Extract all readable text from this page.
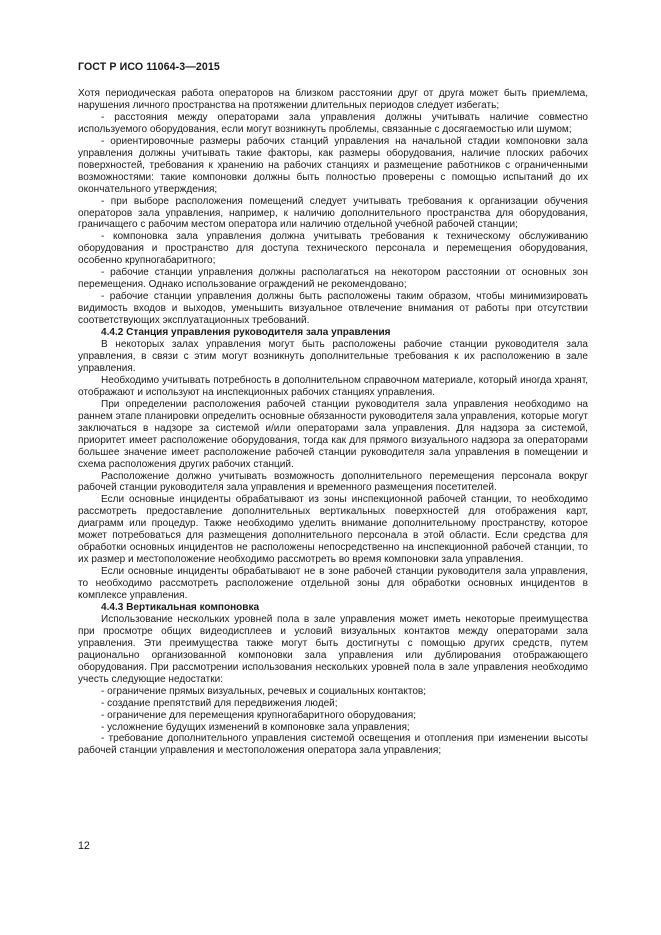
ГОСТ Р ИСО 11064-3—2015

Хотя периодическая работа операторов на близком расстоянии друг от друга может быть приемлема, нарушения личного пространства на протяжении длительных периодов следует избегать;

- расстояния между операторами зала управления должны учитывать наличие совместно используемого оборудования, если могут возникнуть проблемы, связанные с досягаемостью или шумом;

- ориентировочные размеры рабочих станций управления на начальной стадии компоновки зала управления должны учитывать такие факторы, как размеры оборудования, наличие плоских рабочих поверхностей, требования к хранению на рабочих станциях и размещение работников с ограниченными возможностями: такие компоновки должны быть полностью проверены с помощью испытаний до их окончательного утверждения;

- при выборе расположения помещений следует учитывать требования к организации обучения операторов зала управления, например, к наличию дополнительного пространства для оборудования, граничащего с рабочим местом оператора или наличию отдельной учебной рабочей станции;

- компоновка зала управления должна учитывать требования к техническому обслуживанию оборудования и пространство для доступа технического персонала и перемещения оборудования, особенно крупногабаритного;

- рабочие станции управления должны располагаться на некотором расстоянии от основных зон перемещения. Однако использование ограждений не рекомендовано;

- рабочие станции управления должны быть расположены таким образом, чтобы минимизировать видимость входов и выходов, уменьшить визуальное отвлечение внимания от работы при отсутствии соответствующих эксплуатационных требований.

4.4.2 Станция управления руководителя зала управления

В некоторых залах управления могут быть расположены рабочие станции руководителя зала управления, в связи с этим могут возникнуть дополнительные требования к их расположению в зале управления.

Необходимо учитывать потребность в дополнительном справочном материале, который иногда хранят, отображают и используют на инспекционных рабочих станциях управления.

При определении расположения рабочей станции руководителя зала управления необходимо на раннем этапе планировки определить основные обязанности руководителя зала управления, которые могут заключаться в надзоре за системой и/или операторами зала управления. Для надзора за системой, приоритет имеет расположение оборудования, тогда как для прямого визуального надзора за операторами большее значение имеет расположение рабочей станции руководителя зала управления в помещении и схема расположения других рабочих станций.

Расположение должно учитывать возможность дополнительного перемещения персонала вокруг рабочей станции руководителя зала управления и временного размещения посетителей.

Если основные инциденты обрабатывают из зоны инспекционной рабочей станции, то необходимо рассмотреть предоставление дополнительных вертикальных поверхностей для отображения карт, диаграмм или процедур. Также необходимо уделить внимание дополнительному пространству, которое может потребоваться для размещения дополнительного персонала в этой области. Если средства для обработки основных инцидентов не расположены непосредственно на инспекционной рабочей станции, то их размер и местоположение необходимо рассмотреть во время компоновки зала управления.

Если основные инциденты обрабатывают не в зоне рабочей станции руководителя зала управления, то необходимо рассмотреть расположение отдельной зоны для обработки основных инцидентов в комплексе управления.

4.4.3 Вертикальная компоновка

Использование нескольких уровней пола в зале управления может иметь некоторые преимущества при просмотре общих видеодисплеев и условий визуальных контактов между операторами зала управления. Эти преимущества также могут быть достигнуты с помощью других средств, путем рационально организованной компоновки зала управления или дублирования отображающего оборудования. При рассмотрении использования нескольких уровней пола в зале управления необходимо учесть следующие недостатки:

- ограничение прямых визуальных, речевых и социальных контактов;

- создание препятствий для передвижения людей;

- ограничение для перемещения крупногабаритного оборудования;

- усложнение будущих изменений в компоновке зала управления;

- требование дополнительного управления системой освещения и отопления при изменении высоты рабочей станции управления и местоположения оператора зала управления;

12
